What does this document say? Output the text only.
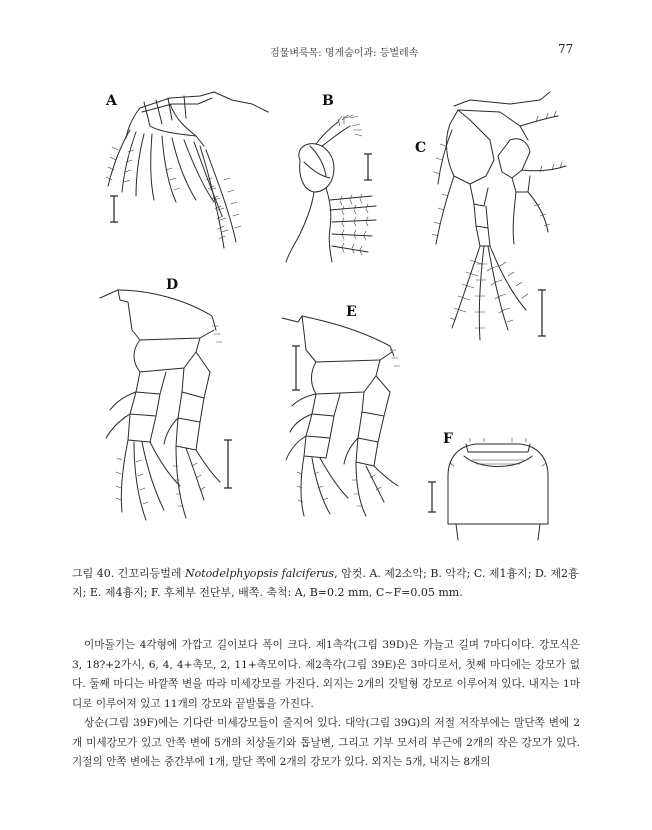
검물벼룩목: 명게숨이과: 등벌레속	77
A	B
C
D
E
F
그림 40. 긴꼬리등벌레 Notodelphyopsis falciferus, 암컷. A. 제2소악; B. 악각; C. 제1흉지; D. 제2흉지; E. 제4흉지; F. 후체부 전단부, 배쪽. 축척: A, B=0.2 mm, C~F=0.05 mm.

이마돌기는 4각형에 가깝고 길이보다 폭이 크다. 제1촉각(그림 39D)은 가늘고 길며 7마디이다. 강모식은 3, 18?+2가시, 6, 4, 4+촉모, 2, 11+촉모이다. 제2촉각(그림 39E)은 3마디로서, 첫째 마디에는 강모가 없다. 둘째 마디는 바깥쪽 변을 따라 미세강모를 가진다. 외지는 2개의 깃털형 강모로 이루어져 있다. 내지는 1마디로 이루어져 있고 11개의 강모와 끝발톱을 가진다.

상순(그림 39F)에는 기다란 미세강모들이 줄지어 있다. 대악(그림 39G)의 저절 저작부에는 말단쪽 변에 2개 미세강모가 있고 안쪽 변에 5개의 치상돌기와 톱날변, 그리고 기부 모서리 부근에 2개의 작은 강모가 있다. 기절의 안쪽 변에는 중간부에 1개, 말단 쪽에 2개의 강모가 있다. 외지는 5개, 내지는 8개의
